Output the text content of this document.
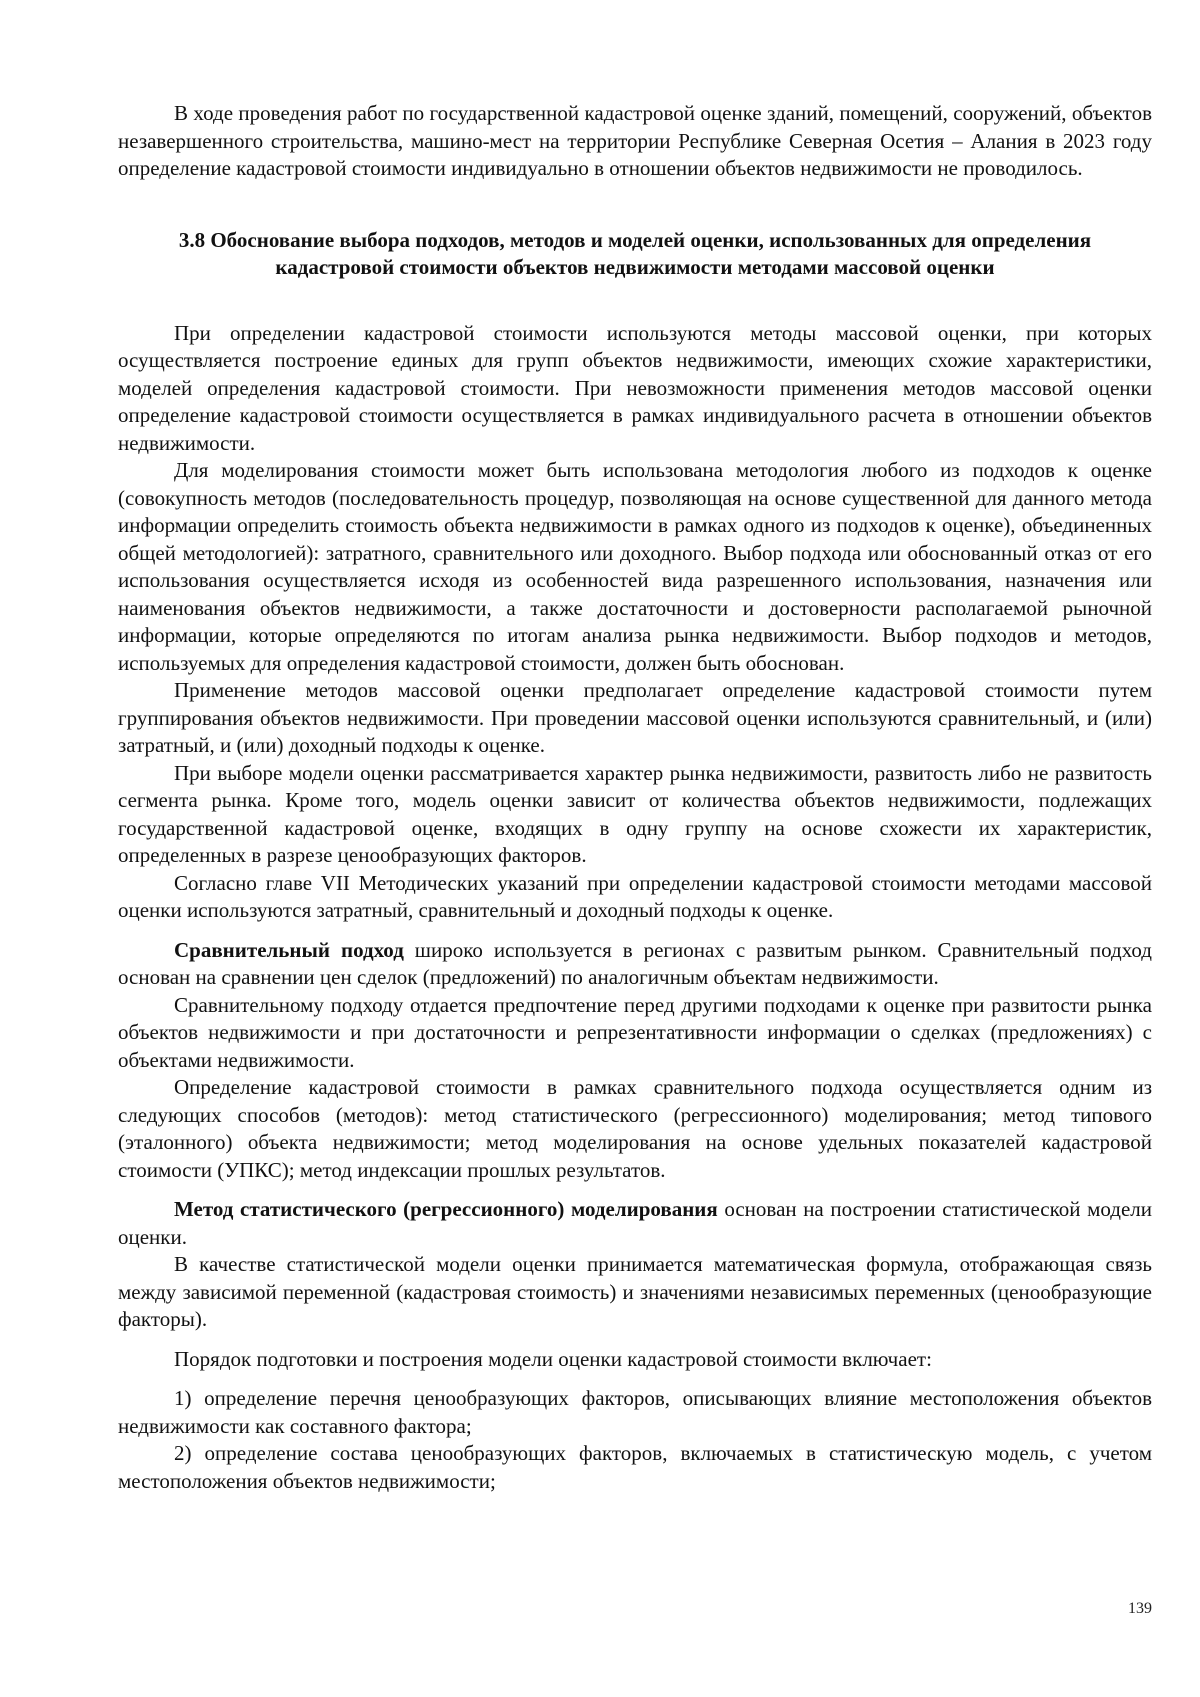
В ходе проведения работ по государственной кадастровой оценке зданий, помещений, сооружений, объектов незавершенного строительства, машино-мест на территории Республике Северная Осетия – Алания в 2023 году определение кадастровой стоимости индивидуально в отношении объектов недвижимости не проводилось.

3.8 Обоснование выбора подходов, методов и моделей оценки, использованных для определения кадастровой стоимости объектов недвижимости методами массовой оценки

При определении кадастровой стоимости используются методы массовой оценки, при которых осуществляется построение единых для групп объектов недвижимости, имеющих схожие характеристики, моделей определения кадастровой стоимости. При невозможности применения методов массовой оценки определение кадастровой стоимости осуществляется в рамках индивидуального расчета в отношении объектов недвижимости.

Для моделирования стоимости может быть использована методология любого из подходов к оценке (совокупность методов (последовательность процедур, позволяющая на основе существенной для данного метода информации определить стоимость объекта недвижимости в рамках одного из подходов к оценке), объединенных общей методологией): затратного, сравнительного или доходного. Выбор подхода или обоснованный отказ от его использования осуществляется исходя из особенностей вида разрешенного использования, назначения или наименования объектов недвижимости, а также достаточности и достоверности располагаемой рыночной информации, которые определяются по итогам анализа рынка недвижимости. Выбор подходов и методов, используемых для определения кадастровой стоимости, должен быть обоснован.

Применение методов массовой оценки предполагает определение кадастровой стоимости путем группирования объектов недвижимости. При проведении массовой оценки используются сравнительный, и (или) затратный, и (или) доходный подходы к оценке.

При выборе модели оценки рассматривается характер рынка недвижимости, развитость либо не развитость сегмента рынка. Кроме того, модель оценки зависит от количества объектов недвижимости, подлежащих государственной кадастровой оценке, входящих в одну группу на основе схожести их характеристик, определенных в разрезе ценообразующих факторов.

Согласно главе VII Методических указаний при определении кадастровой стоимости методами массовой оценки используются затратный, сравнительный и доходный подходы к оценке.

Сравнительный подход широко используется в регионах с развитым рынком. Сравнительный подход основан на сравнении цен сделок (предложений) по аналогичным объектам недвижимости.

Сравнительному подходу отдается предпочтение перед другими подходами к оценке при развитости рынка объектов недвижимости и при достаточности и репрезентативности информации о сделках (предложениях) с объектами недвижимости.

Определение кадастровой стоимости в рамках сравнительного подхода осуществляется одним из следующих способов (методов): метод статистического (регрессионного) моделирования; метод типового (эталонного) объекта недвижимости; метод моделирования на основе удельных показателей кадастровой стоимости (УПКС); метод индексации прошлых результатов.

Метод статистического (регрессионного) моделирования основан на построении статистической модели оценки.

В качестве статистической модели оценки принимается математическая формула, отображающая связь между зависимой переменной (кадастровая стоимость) и значениями независимых переменных (ценообразующие факторы).

Порядок подготовки и построения модели оценки кадастровой стоимости включает:

1) определение перечня ценообразующих факторов, описывающих влияние местоположения объектов недвижимости как составного фактора;

2) определение состава ценообразующих факторов, включаемых в статистическую модель, с учетом местоположения объектов недвижимости;

139
